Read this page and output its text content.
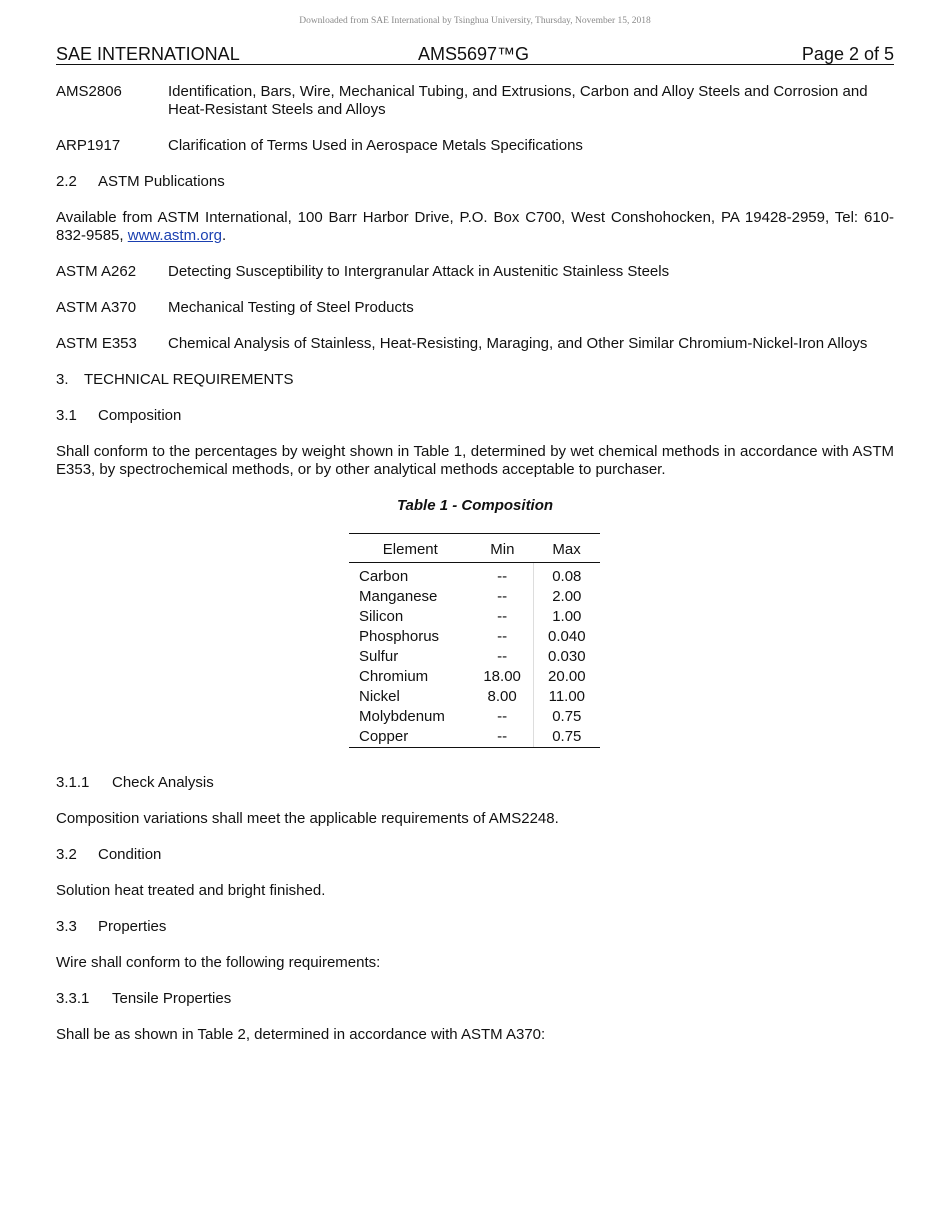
Downloaded from SAE International by Tsinghua University, Thursday, November 15, 2018
SAE INTERNATIONAL	AMS5697™G	Page 2 of 5
AMS2806	Identification, Bars, Wire, Mechanical Tubing, and Extrusions, Carbon and Alloy Steels and Corrosion and Heat-Resistant Steels and Alloys
ARP1917	Clarification of Terms Used in Aerospace Metals Specifications
2.2 ASTM Publications

Available from ASTM International, 100 Barr Harbor Drive, P.O. Box C700, West Conshohocken, PA 19428-2959, Tel: 610-832-9585, www.astm.org.

ASTM A262	Detecting Susceptibility to Intergranular Attack in Austenitic Stainless Steels
ASTM A370	Mechanical Testing of Steel Products
ASTM E353	Chemical Analysis of Stainless, Heat-Resisting, Maraging, and Other Similar Chromium-Nickel-Iron Alloys
3. TECHNICAL REQUIREMENTS
3.1 Composition

Shall conform to the percentages by weight shown in Table 1, determined by wet chemical methods in accordance with ASTM E353, by spectrochemical methods, or by other analytical methods acceptable to purchaser.

Table 1 - Composition
Element	Min	Max
Carbon	--	0.08
Manganese	--	2.00
Silicon	--	1.00
Phosphorus	--	0.040
Sulfur	--	0.030
Chromium	18.00	20.00
Nickel	8.00	11.00
Molybdenum	--	0.75
Copper	--	0.75
3.1.1 Check Analysis

Composition variations shall meet the applicable requirements of AMS2248.

3.2 Condition

Solution heat treated and bright finished.

3.3 Properties

Wire shall conform to the following requirements:

3.3.1 Tensile Properties

Shall be as shown in Table 2, determined in accordance with ASTM A370:
